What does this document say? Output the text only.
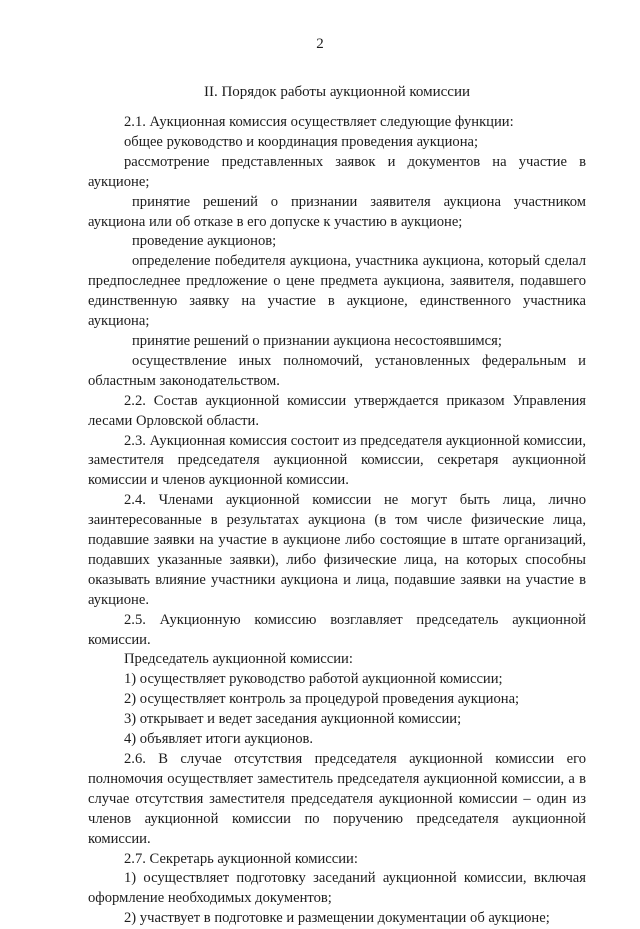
2
II. Порядок работы аукционной комиссии

2.1. Аукционная комиссия осуществляет следующие функции:

общее руководство и координация проведения аукциона;

рассмотрение представленных заявок и документов на участие в аукционе;

принятие решений о признании заявителя аукциона участником аукциона или об отказе в его допуске к участию в аукционе;

проведение аукционов;

определение победителя аукциона, участника аукциона, который сделал предпоследнее предложение о цене предмета аукциона, заявителя, подавшего единственную заявку на участие в аукционе, единственного участника аукциона;

принятие решений о признании аукциона несостоявшимся;

осуществление иных полномочий, установленных федеральным и областным законодательством.

2.2. Состав аукционной комиссии утверждается приказом Управления лесами Орловской области.

2.3. Аукционная комиссия состоит из председателя аукционной комиссии, заместителя председателя аукционной комиссии, секретаря аукционной комиссии и членов аукционной комиссии.

2.4. Членами аукционной комиссии не могут быть лица, лично заинтересованные в результатах аукциона (в том числе физические лица, подавшие заявки на участие в аукционе либо состоящие в штате организаций, подавших указанные заявки), либо физические лица, на которых способны оказывать влияние участники аукциона и лица, подавшие заявки на участие в аукционе.

2.5. Аукционную комиссию возглавляет председатель аукционной комиссии.

Председатель аукционной комиссии:

1) осуществляет руководство работой аукционной комиссии;

2) осуществляет контроль за процедурой проведения аукциона;

3) открывает и ведет заседания аукционной комиссии;

4) объявляет итоги аукционов.

2.6. В случае отсутствия председателя аукционной комиссии его полномочия осуществляет заместитель председателя аукционной комиссии, а в случае отсутствия заместителя председателя аукционной комиссии – один из членов аукционной комиссии по поручению председателя аукционной комиссии.

2.7. Секретарь аукционной комиссии:

1) осуществляет подготовку заседаний аукционной комиссии, включая оформление необходимых документов;

2) участвует в подготовке и размещении документации об аукционе;
